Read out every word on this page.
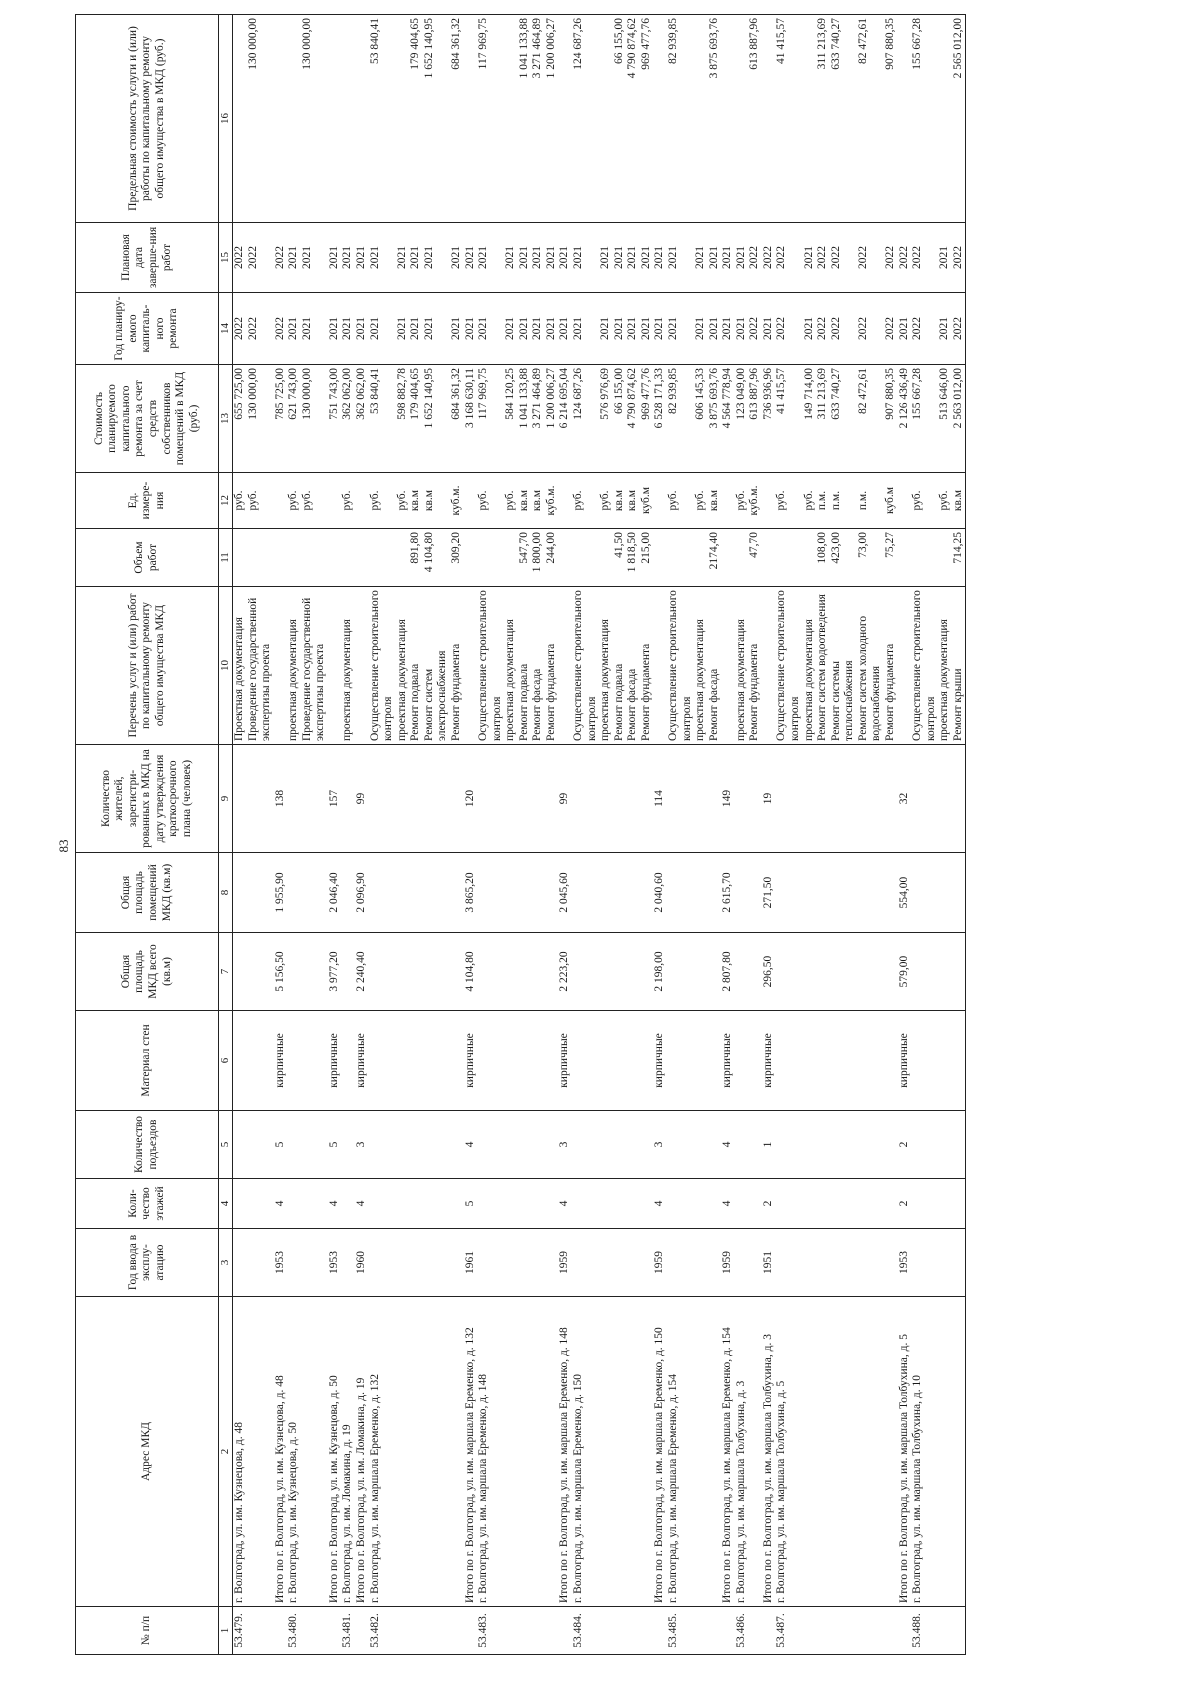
83
№ п/п	Адрес МКД	Год ввода в эксплу-атацию	Коли-чество этажей	Количество подъездов	Материал стен	Общая площадь МКД всего (кв.м)	Общая площадь помещений МКД (кв.м)	Количество жителей, зарегистри-рованных в МКД на дату утверждения краткосрочного плана (человек)	Перечень услуг и (или) работ по капитальному ремонту общего имущества МКД	Объем работ	Ед. измере-ния	Стоимость планируемого капитального ремонта за счет средств собственников помещений в МКД (руб.)	Год планиру-емого капиталь-ного ремонта	Плановая дата заверше-ния работ	Предельная стоимость услуги и (или) работы по капитальному ремонту общего имущества в МКД (руб.)
1	2	3	4	5	6	7	8	9	10	11	12	13	14	15	16
53.479.	г. Волгоград, ул. им. Кузнецова, д. 48								Проектная документация		руб.	655 725,00	2022	2022	
									Проведение государственной экспертизы проекта		руб.	130 000,00	2022	2022	130 000,00
	Итого по г. Волгоград, ул. им. Кузнецова, д. 48	1953	4	5	кирпичные	5 156,50	1 955,90	138				785 725,00	2022	2022	
53.480.	г. Волгоград, ул. им. Кузнецова, д. 50								проектная документация		руб.	621 743,00	2021	2021	
									Проведение государственной экспертизы проекта		руб.	130 000,00	2021	2021	130 000,00
	Итого по г. Волгоград, ул. им. Кузнецова, д. 50	1953	4	5	кирпичные	3 977,20	2 046,40	157				751 743,00	2021	2021	
53.481.	г. Волгоград, ул. им. Ломакина, д. 19								проектная документация		руб.	362 062,00	2021	2021	
	Итого по г. Волгоград, ул. им. Ломакина, д. 19	1960	4	3	кирпичные	2 240,40	2 096,90	99				362 062,00	2021	2021	
53.482.	г. Волгоград, ул. им. маршала Еременко, д. 132								Осуществление строительного контроля		руб.	53 840,41	2021	2021	53 840,41
									проектная документация		руб.	598 882,78	2021	2021	
									Ремонт подвала	891,80	кв.м	179 404,65	2021	2021	179 404,65
									Ремонт систем электроснабжения	4 104,80	кв.м	1 652 140,95	2021	2021	1 652 140,95
									Ремонт фундамента	309,20	куб.м.	684 361,32	2021	2021	684 361,32
	Итого по г. Волгоград, ул. им. маршала Еременко, д. 132	1961	5	4	кирпичные	4 104,80	3 865,20	120				3 168 630,11	2021	2021	
53.483.	г. Волгоград, ул. им. маршала Еременко, д. 148								Осуществление строительного контроля		руб.	117 969,75	2021	2021	117 969,75
									проектная документация		руб.	584 120,25	2021	2021	
									Ремонт подвала	547,70	кв.м	1 041 133,88	2021	2021	1 041 133,88
									Ремонт фасада	1 800,00	кв.м	3 271 464,89	2021	2021	3 271 464,89
									Ремонт фундамента	244,00	куб.м.	1 200 006,27	2021	2021	1 200 006,27
	Итого по г. Волгоград, ул. им. маршала Еременко, д. 148	1959	4	3	кирпичные	2 223,20	2 045,60	99				6 214 695,04	2021	2021	
53.484.	г. Волгоград, ул. им. маршала Еременко, д. 150								Осуществление строительного контроля		руб.	124 687,26	2021	2021	124 687,26
									проектная документация		руб.	576 976,69	2021	2021	
									Ремонт подвала	41,50	кв.м	66 155,00	2021	2021	66 155,00
									Ремонт фасада	1 818,50	кв.м	4 790 874,62	2021	2021	4 790 874,62
									Ремонт фундамента	215,00	куб.м	969 477,76	2021	2021	969 477,76
	Итого по г. Волгоград, ул. им. маршала Еременко, д. 150	1959	4	3	кирпичные	2 198,00	2 040,60	114				6 528 171,33	2021	2021	
53.485.	г. Волгоград, ул. им. маршала Еременко, д. 154								Осуществление строительного контроля		руб.	82 939,85	2021	2021	82 939,85
									проектная документация		руб.	606 145,33	2021	2021	
									Ремонт фасада	2174,40	кв.м	3 875 693,76	2021	2021	3 875 693,76
	Итого по г. Волгоград, ул. им. маршала Еременко, д. 154	1959	4	4	кирпичные	2 807,80	2 615,70	149				4 564 778,94	2021	2021	
53.486.	г. Волгоград, ул. им. маршала Толбухина, д. 3								проектная документация		руб.	123 049,00	2021	2021	
									Ремонт фундамента	47,70	куб.м.	613 887,96	2022	2022	613 887,96
	Итого по г. Волгоград, ул. им. маршала Толбухина, д. 3	1951	2	1	кирпичные	296,50	271,50	19				736 936,96	2021	2022	
53.487.	г. Волгоград, ул. им. маршала Толбухина, д. 5								Осуществление строительного контроля		руб.	41 415,57	2022	2022	41 415,57
									проектная документация		руб.	149 714,00	2021	2021	
									Ремонт систем водоотведения	108,00	п.м.	311 213,69	2022	2022	311 213,69
									Ремонт системы теплоснабжения	423,00	п.м.	633 740,27	2022	2022	633 740,27
									Ремонт систем холодного водоснабжения	73,00	п.м.	82 472,61	2022	2022	82 472,61
									Ремонт фундамента	75,27	куб.м	907 880,35	2022	2022	907 880,35
	Итого по г. Волгоград, ул. им. маршала Толбухина, д. 5	1953	2	2	кирпичные	579,00	554,00	32				2 126 436,49	2021	2022	
53.488.	г. Волгоград, ул. им. маршала Толбухина, д. 10								Осуществление строительного контроля		руб.	155 667,28	2022	2022	155 667,28
									проектная документация		руб.	513 646,00	2021	2021	
									Ремонт крыши	714,25	кв.м	2 563 012,00	2022	2022	2 565 012,00
